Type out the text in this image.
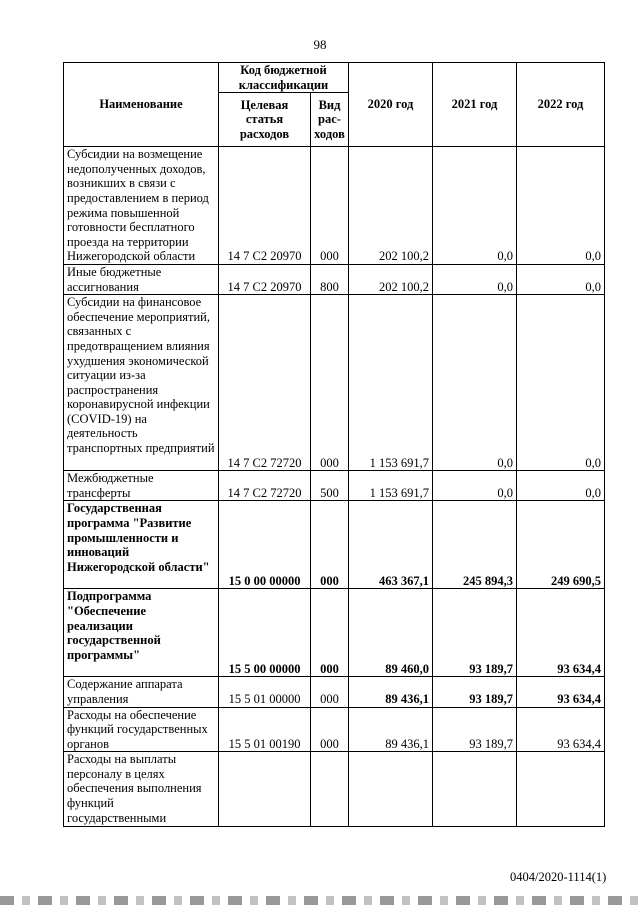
98
Наименование	Код бюджетной классификации		2020 год	2021 год	2022 год
	Целевая статья расходов	Вид рас-ходов			
Субсидии на возмещение недополученных доходов, возникших в связи с предоставлением в период режима повышенной готовности бесплатного проезда на территории Нижегородской области	14 7 С2 20970	000	202 100,2	0,0	0,0
Иные бюджетные ассигнования	14 7 С2 20970	800	202 100,2	0,0	0,0
Субсидии на финансовое обеспечение мероприятий, связанных с предотвращением влияния ухудшения экономической ситуации из-за распространения коронавирусной инфекции (COVID-19) на деятельность транспортных предприятий	14 7 С2 72720	000	1 153 691,7	0,0	0,0
Межбюджетные трансферты	14 7 С2 72720	500	1 153 691,7	0,0	0,0
Государственная программа "Развитие промышленности и инноваций Нижегородской области"	15 0 00 00000	000	463 367,1	245 894,3	249 690,5
Подпрограмма "Обеспечение реализации государственной программы"	15 5 00 00000	000	89 460,0	93 189,7	93 634,4
Содержание аппарата управления	15 5 01 00000	000	89 436,1	93 189,7	93 634,4
Расходы на обеспечение функций государственных органов	15 5 01 00190	000	89 436,1	93 189,7	93 634,4
Расходы на выплаты персоналу в целях обеспечения выполнения функций государственными					
0404/2020-1114(1)
